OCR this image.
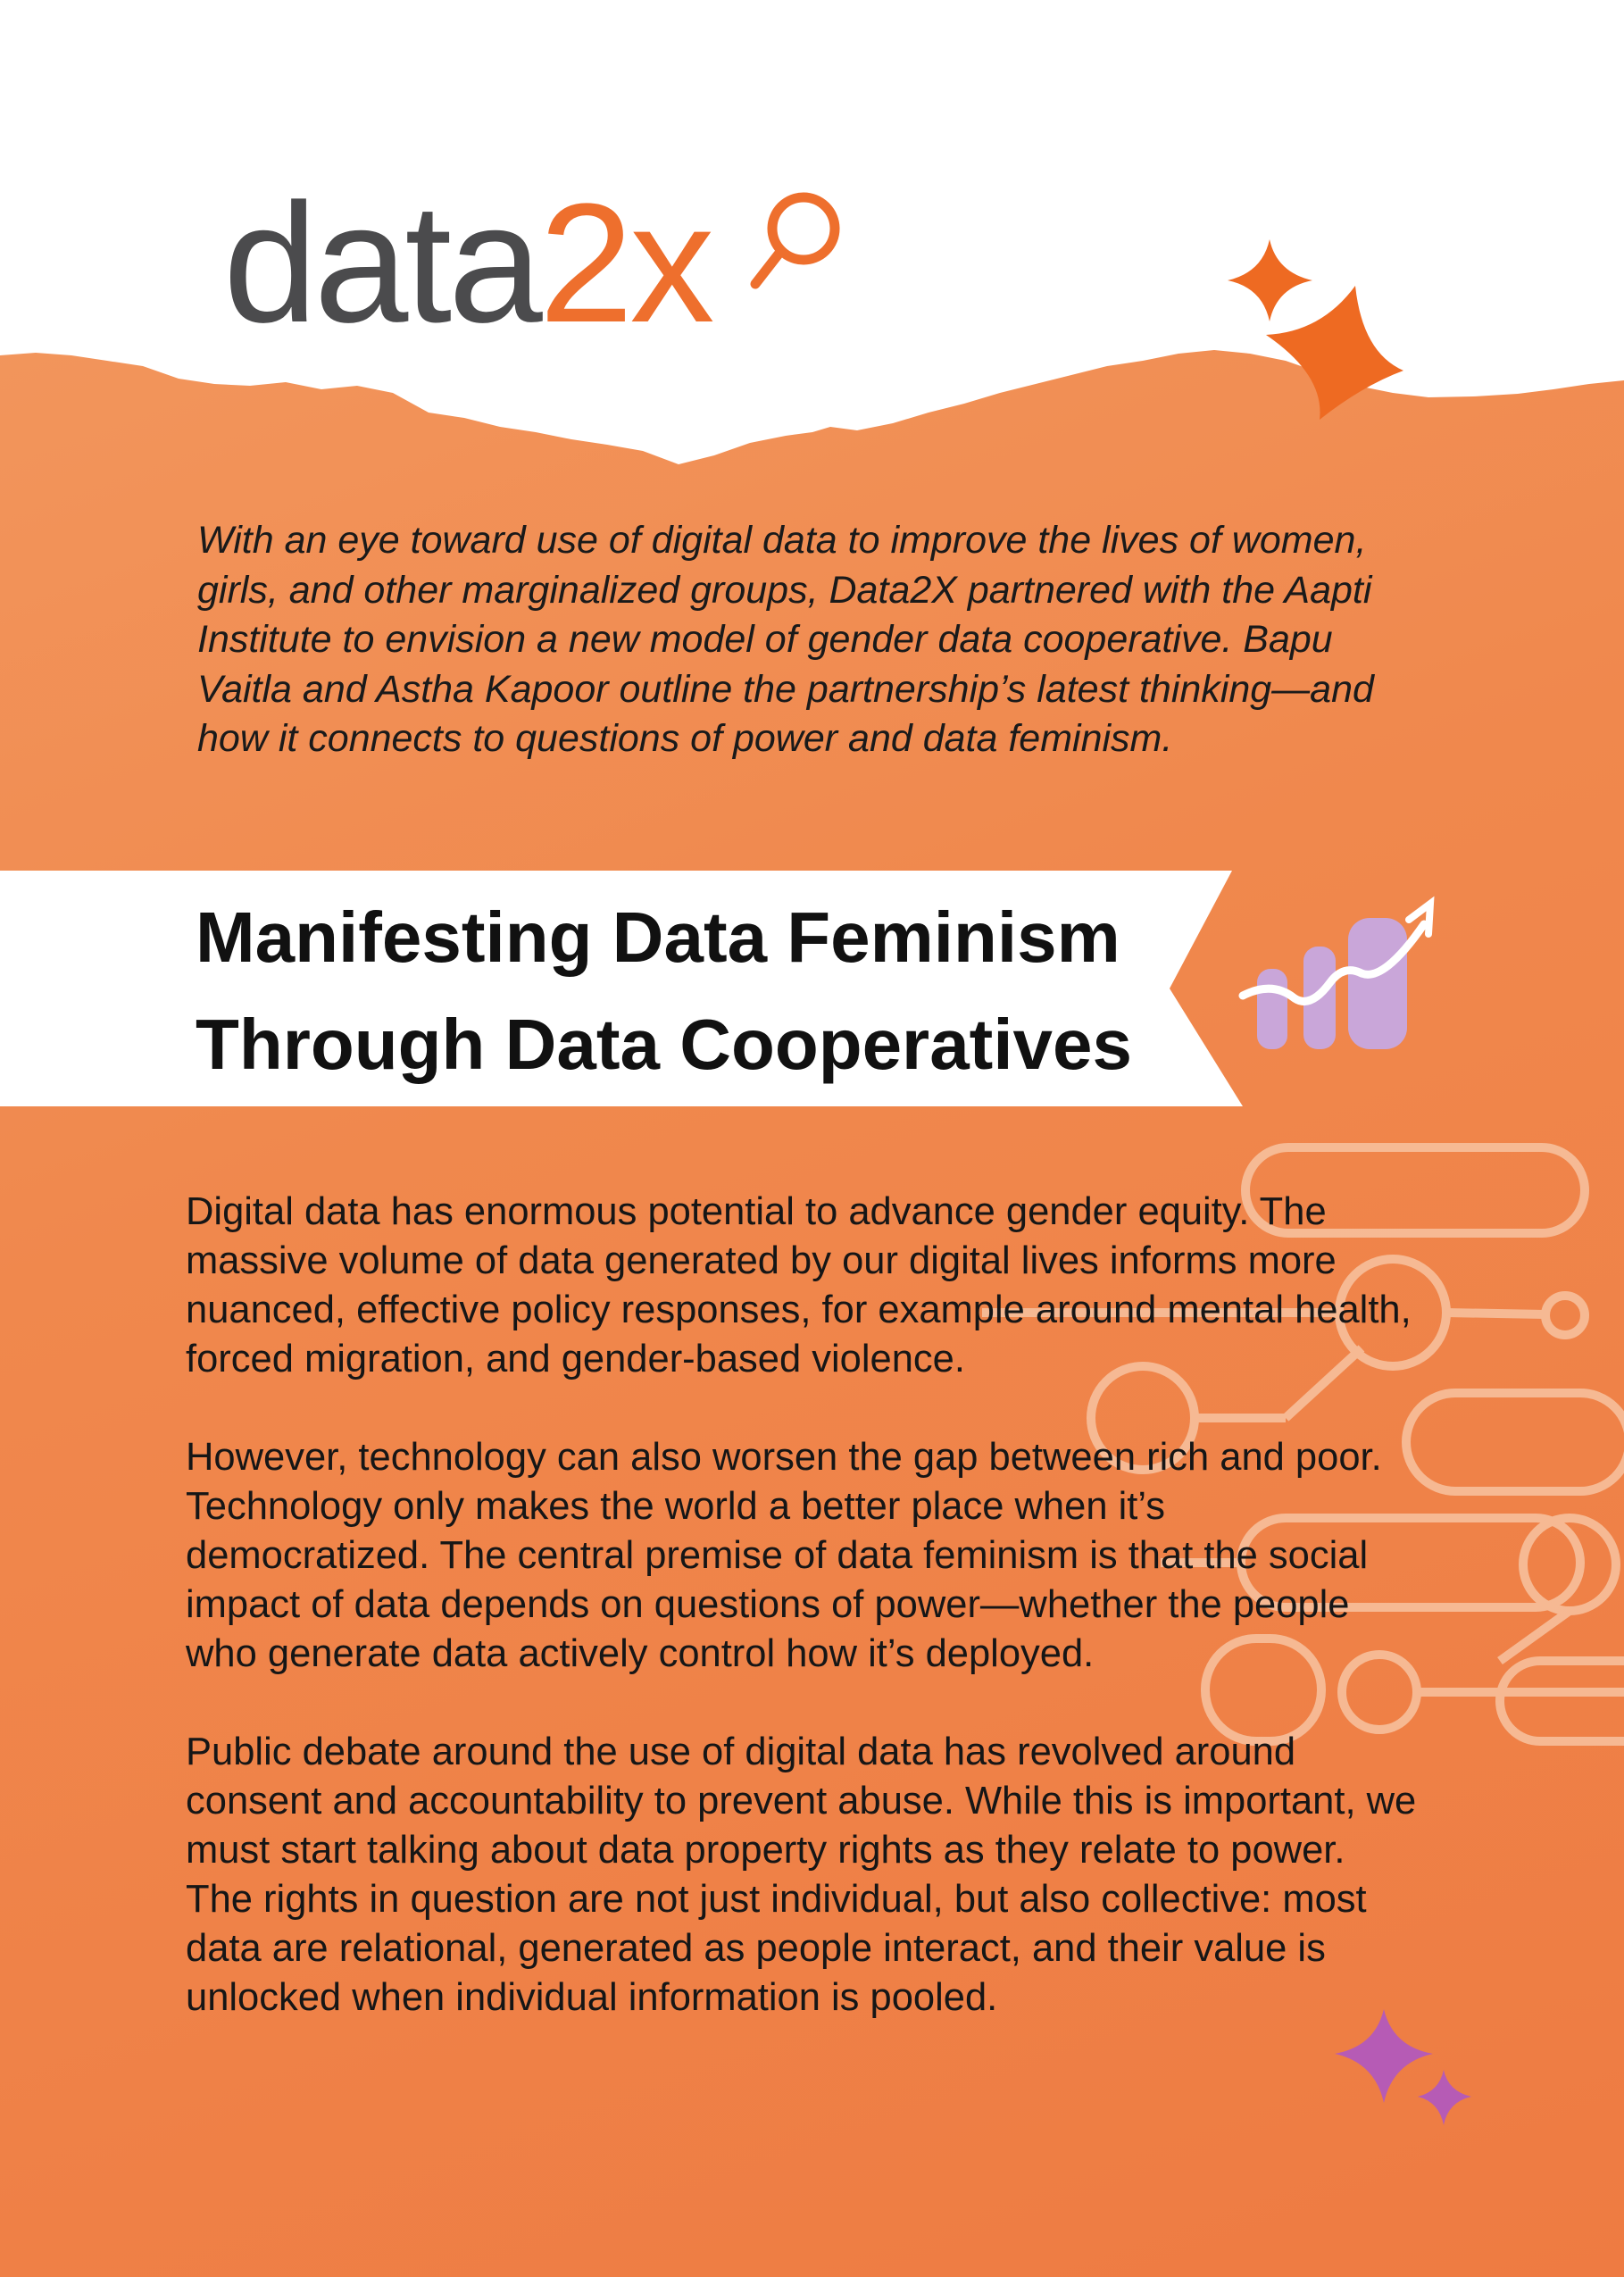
data2x

With an eye toward use of digital data to improve the lives of women, girls, and other marginalized groups, Data2X partnered with the Aapti Institute to envision a new model of gender data cooperative. Bapu Vaitla and Astha Kapoor outline the partnership’s latest thinking—and how it connects to questions of power and data feminism.

Manifesting Data Feminism
Through Data Cooperatives

Digital data has enormous potential to advance gender equity. The massive volume of data generated by our digital lives informs more nuanced, effective policy responses, for example around mental health, forced migration, and gender-based violence.

However, technology can also worsen the gap between rich and poor. Technology only makes the world a better place when it’s democratized. The central premise of data feminism is that the social impact of data depends on questions of power—whether the people who generate data actively control how it’s deployed.

Public debate around the use of digital data has revolved around consent and accountability to prevent abuse. While this is important, we must start talking about data property rights as they relate to power. The rights in question are not just individual, but also collective: most data are relational, generated as people interact, and their value is unlocked when individual information is pooled.
